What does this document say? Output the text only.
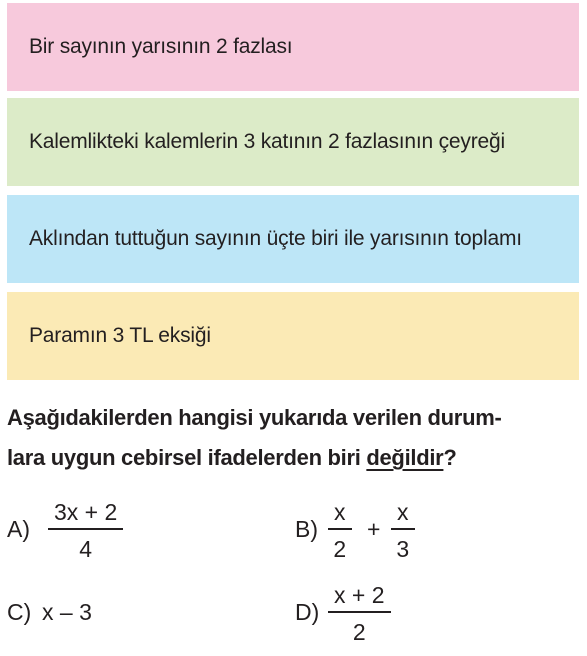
Bir sayının yarısının 2 fazlası
Kalemlikteki kalemlerin 3 katının 2 fazlasının çeyreği
Aklından tuttuğun sayının üçte biri ile yarısının toplamı
Paramın 3 TL eksiği
Aşağıdakilerden hangisi yukarıda verilen durum-
lara uygun cebirsel ifadelerden biri değildir?
A)
3x + 2
4
B)
x
2
+
x
3
C) x – 3	D)
x + 2
2
